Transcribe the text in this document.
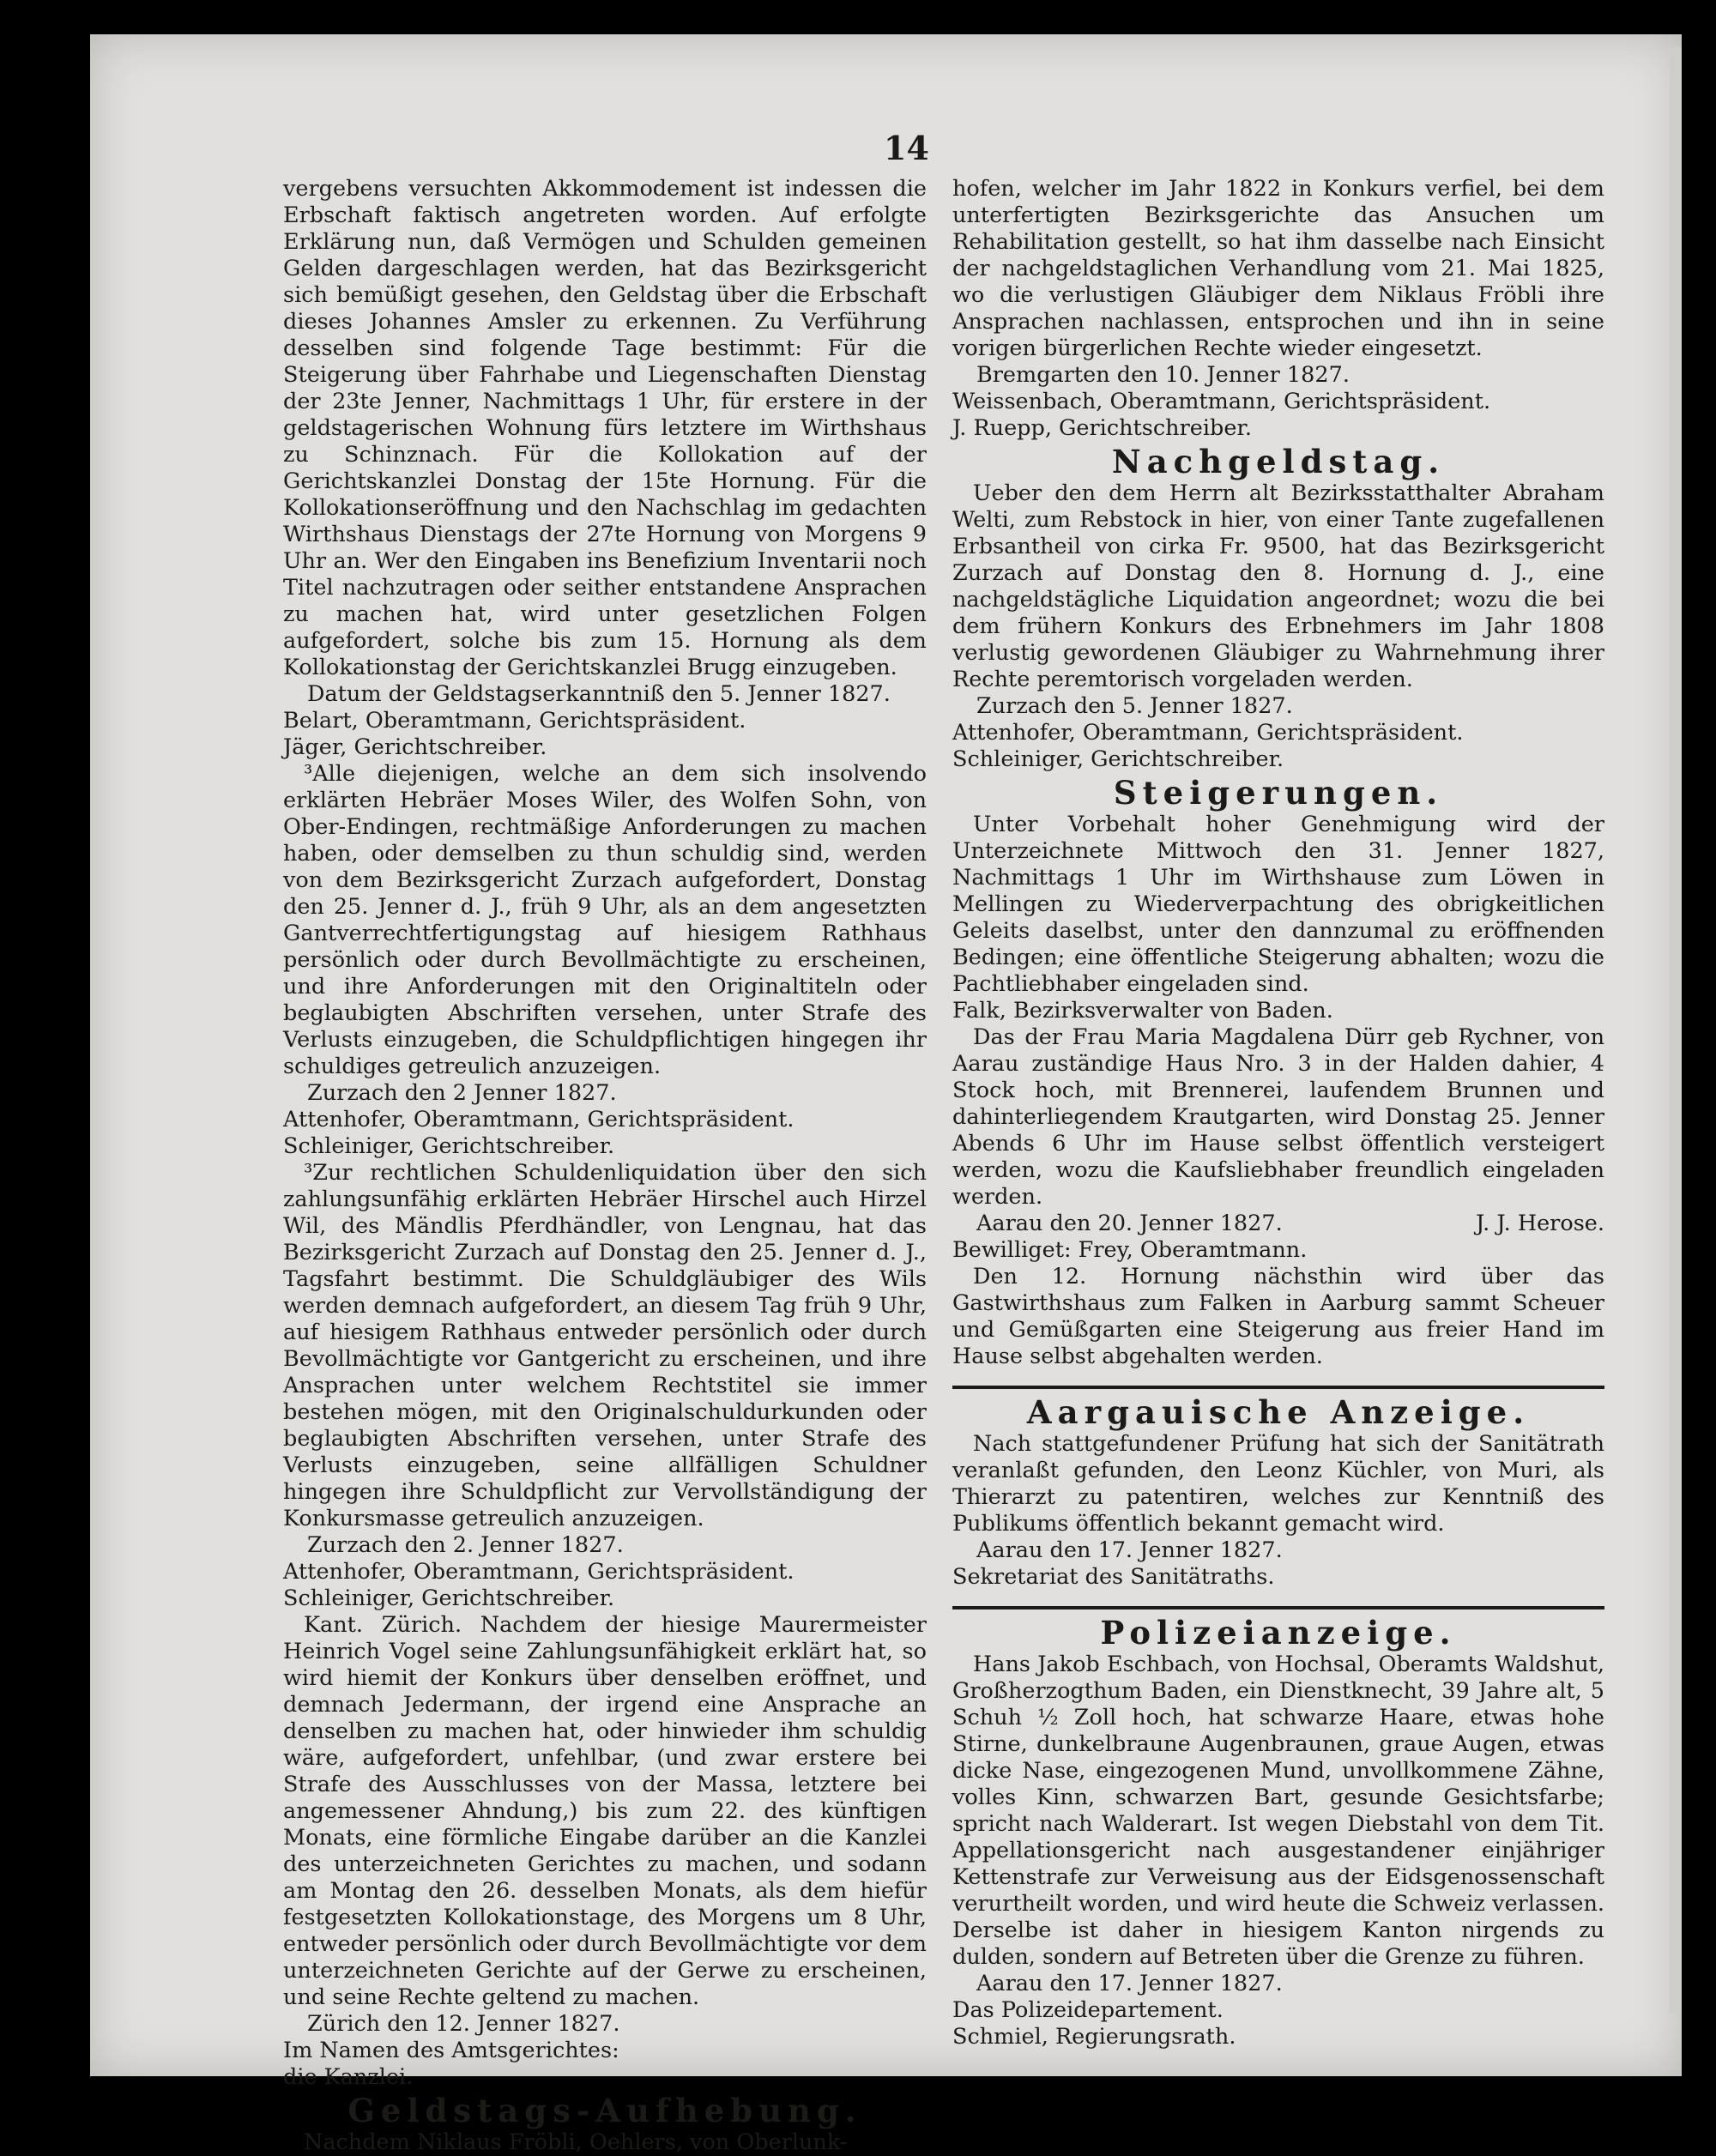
14

vergebens versuchten Akkommodement ist indessen die Erbschaft faktisch angetreten worden. Auf erfolgte Erklärung nun, daß Vermögen und Schulden gemeinen Gelden dargeschlagen werden, hat das Bezirksgericht sich bemüßigt gesehen, den Geldstag über die Erbschaft dieses Johannes Amsler zu erkennen. Zu Verführung desselben sind folgende Tage bestimmt: Für die Steigerung über Fahrhabe und Liegenschaften Dienstag der 23te Jenner, Nachmittags 1 Uhr, für erstere in der geldstagerischen Wohnung fürs letztere im Wirthshaus zu Schinznach. Für die Kollokation auf der Gerichtskanzlei Donstag der 15te Hornung. Für die Kollokationseröffnung und den Nachschlag im gedachten Wirthshaus Dienstags der 27te Hornung von Morgens 9 Uhr an. Wer den Eingaben ins Benefizium Inventarii noch Titel nachzutragen oder seither entstandene Ansprachen zu machen hat, wird unter gesetzlichen Folgen aufgefordert, solche bis zum 15. Hornung als dem Kollokationstag der Gerichtskanzlei Brugg einzugeben.

Datum der Geldstagserkanntniß den 5. Jenner 1827.

Belart, Oberamtmann, Gerichtspräsident.

Jäger, Gerichtschreiber.

³Alle diejenigen, welche an dem sich insolvendo erklärten Hebräer Moses Wiler, des Wolfen Sohn, von Ober-Endingen, rechtmäßige Anforderungen zu machen haben, oder demselben zu thun schuldig sind, werden von dem Bezirksgericht Zurzach aufgefordert, Donstag den 25. Jenner d. J., früh 9 Uhr, als an dem angesetzten Gantverrechtfertigungstag auf hiesigem Rathhaus persönlich oder durch Bevollmächtigte zu erscheinen, und ihre Anforderungen mit den Originaltiteln oder beglaubigten Abschriften versehen, unter Strafe des Verlusts einzugeben, die Schuldpflichtigen hingegen ihr schuldiges getreulich anzuzeigen.

Zurzach den 2 Jenner 1827.

Attenhofer, Oberamtmann, Gerichtspräsident.

Schleiniger, Gerichtschreiber.

³Zur rechtlichen Schuldenliquidation über den sich zahlungsunfähig erklärten Hebräer Hirschel auch Hirzel Wil, des Mändlis Pferdhändler, von Lengnau, hat das Bezirksgericht Zurzach auf Donstag den 25. Jenner d. J., Tagsfahrt bestimmt. Die Schuldgläubiger des Wils werden demnach aufgefordert, an diesem Tag früh 9 Uhr, auf hiesigem Rathhaus entweder persönlich oder durch Bevollmächtigte vor Gantgericht zu erscheinen, und ihre Ansprachen unter welchem Rechtstitel sie immer bestehen mögen, mit den Originalschuldurkunden oder beglaubigten Abschriften versehen, unter Strafe des Verlusts einzugeben, seine allfälligen Schuldner hingegen ihre Schuldpflicht zur Vervollständigung der Konkursmasse getreulich anzuzeigen.

Zurzach den 2. Jenner 1827.

Attenhofer, Oberamtmann, Gerichtspräsident.

Schleiniger, Gerichtschreiber.

Kant. Zürich. Nachdem der hiesige Maurermeister Heinrich Vogel seine Zahlungsunfähigkeit erklärt hat, so wird hiemit der Konkurs über denselben eröffnet, und demnach Jedermann, der irgend eine Ansprache an denselben zu machen hat, oder hinwieder ihm schuldig wäre, aufgefordert, unfehlbar, (und zwar erstere bei Strafe des Ausschlusses von der Massa, letztere bei angemessener Ahndung,) bis zum 22. des künftigen Monats, eine förmliche Eingabe darüber an die Kanzlei des unterzeichneten Gerichtes zu machen, und sodann am Montag den 26. desselben Monats, als dem hiefür festgesetzten Kollokationstage, des Morgens um 8 Uhr, entweder persönlich oder durch Bevollmächtigte vor dem unterzeichneten Gerichte auf der Gerwe zu erscheinen, und seine Rechte geltend zu machen.

Zürich den 12. Jenner 1827.

Im Namen des Amtsgerichtes:

die Kanzlei.

Geldstags-Aufhebung.

Nachdem Niklaus Fröbli, Oehlers, von Oberlunk-

hofen, welcher im Jahr 1822 in Konkurs verfiel, bei dem unterfertigten Bezirksgerichte das Ansuchen um Rehabilitation gestellt, so hat ihm dasselbe nach Einsicht der nachgeldstaglichen Verhandlung vom 21. Mai 1825, wo die verlustigen Gläubiger dem Niklaus Fröbli ihre Ansprachen nachlassen, entsprochen und ihn in seine vorigen bürgerlichen Rechte wieder eingesetzt.

Bremgarten den 10. Jenner 1827.

Weissenbach, Oberamtmann, Gerichtspräsident.

J. Ruepp, Gerichtschreiber.

Nachgeldstag.

Ueber den dem Herrn alt Bezirksstatthalter Abraham Welti, zum Rebstock in hier, von einer Tante zugefallenen Erbsantheil von cirka Fr. 9500, hat das Bezirksgericht Zurzach auf Donstag den 8. Hornung d. J., eine nachgeldstägliche Liquidation angeordnet; wozu die bei dem frühern Konkurs des Erbnehmers im Jahr 1808 verlustig gewordenen Gläubiger zu Wahrnehmung ihrer Rechte peremtorisch vorgeladen werden.

Zurzach den 5. Jenner 1827.

Attenhofer, Oberamtmann, Gerichtspräsident.

Schleiniger, Gerichtschreiber.

Steigerungen.

Unter Vorbehalt hoher Genehmigung wird der Unterzeichnete Mittwoch den 31. Jenner 1827, Nachmittags 1 Uhr im Wirthshause zum Löwen in Mellingen zu Wiederverpachtung des obrigkeitlichen Geleits daselbst, unter den dannzumal zu eröffnenden Bedingen; eine öffentliche Steigerung abhalten; wozu die Pachtliebhaber eingeladen sind.

Falk, Bezirksverwalter von Baden.

Das der Frau Maria Magdalena Dürr geb Rychner, von Aarau zuständige Haus Nro. 3 in der Halden dahier, 4 Stock hoch, mit Brennerei, laufendem Brunnen und dahinterliegendem Krautgarten, wird Donstag 25. Jenner Abends 6 Uhr im Hause selbst öffentlich versteigert werden, wozu die Kaufsliebhaber freundlich eingeladen werden.

Aarau den 20. Jenner 1827.	J. J. Herose.

Bewilliget: Frey, Oberamtmann.

Den 12. Hornung nächsthin wird über das Gastwirthshaus zum Falken in Aarburg sammt Scheuer und Gemüßgarten eine Steigerung aus freier Hand im Hause selbst abgehalten werden.

Aargauische Anzeige.

Nach stattgefundener Prüfung hat sich der Sanitätrath veranlaßt gefunden, den Leonz Küchler, von Muri, als Thierarzt zu patentiren, welches zur Kenntniß des Publikums öffentlich bekannt gemacht wird.

Aarau den 17. Jenner 1827.

Sekretariat des Sanitätraths.

Polizeianzeige.

Hans Jakob Eschbach, von Hochsal, Oberamts Waldshut, Großherzogthum Baden, ein Dienstknecht, 39 Jahre alt, 5 Schuh ½ Zoll hoch, hat schwarze Haare, etwas hohe Stirne, dunkelbraune Augenbraunen, graue Augen, etwas dicke Nase, eingezogenen Mund, unvollkommene Zähne, volles Kinn, schwarzen Bart, gesunde Gesichtsfarbe; spricht nach Walderart. Ist wegen Diebstahl von dem Tit. Appellationsgericht nach ausgestandener einjähriger Kettenstrafe zur Verweisung aus der Eidsgenossenschaft verurtheilt worden, und wird heute die Schweiz verlassen. Derselbe ist daher in hiesigem Kanton nirgends zu dulden, sondern auf Betreten über die Grenze zu führen.

Aarau den 17. Jenner 1827.

Das Polizeidepartement.

Schmiel, Regierungsrath.
